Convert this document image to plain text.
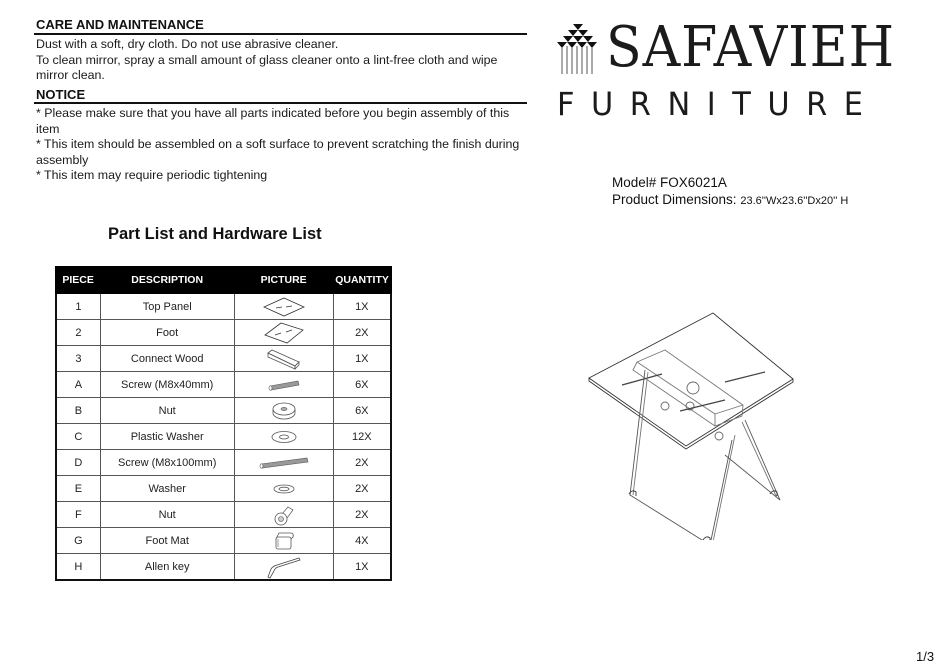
CARE AND MAINTENANCE

Dust with a soft, dry cloth. Do not use abrasive cleaner.

To clean mirror, spray a small amount of glass cleaner onto a lint-free cloth and wipe mirror clean.

NOTICE

* Please make sure that you have all parts indicated before you begin assembly of this item

* This item should be assembled on a soft surface to prevent scratching the finish during assembly

* This item may require periodic tightening

SAFAVIEH
FURNITURE
Model# FOX6021A
Product Dimensions: 23.6''Wx23.6''Dx20'' H
Part List and Hardware List
PIECE	DESCRIPTION	PICTURE	QUANTITY
1	Top Panel		1X
2	Foot		2X
3	Connect Wood		1X
A	Screw (M8x40mm)		6X
B	Nut		6X
C	Plastic Washer		12X
D	Screw (M8x100mm)		2X
E	Washer		2X
F	Nut		2X
G	Foot Mat		4X
H	Allen key		1X
1/3
